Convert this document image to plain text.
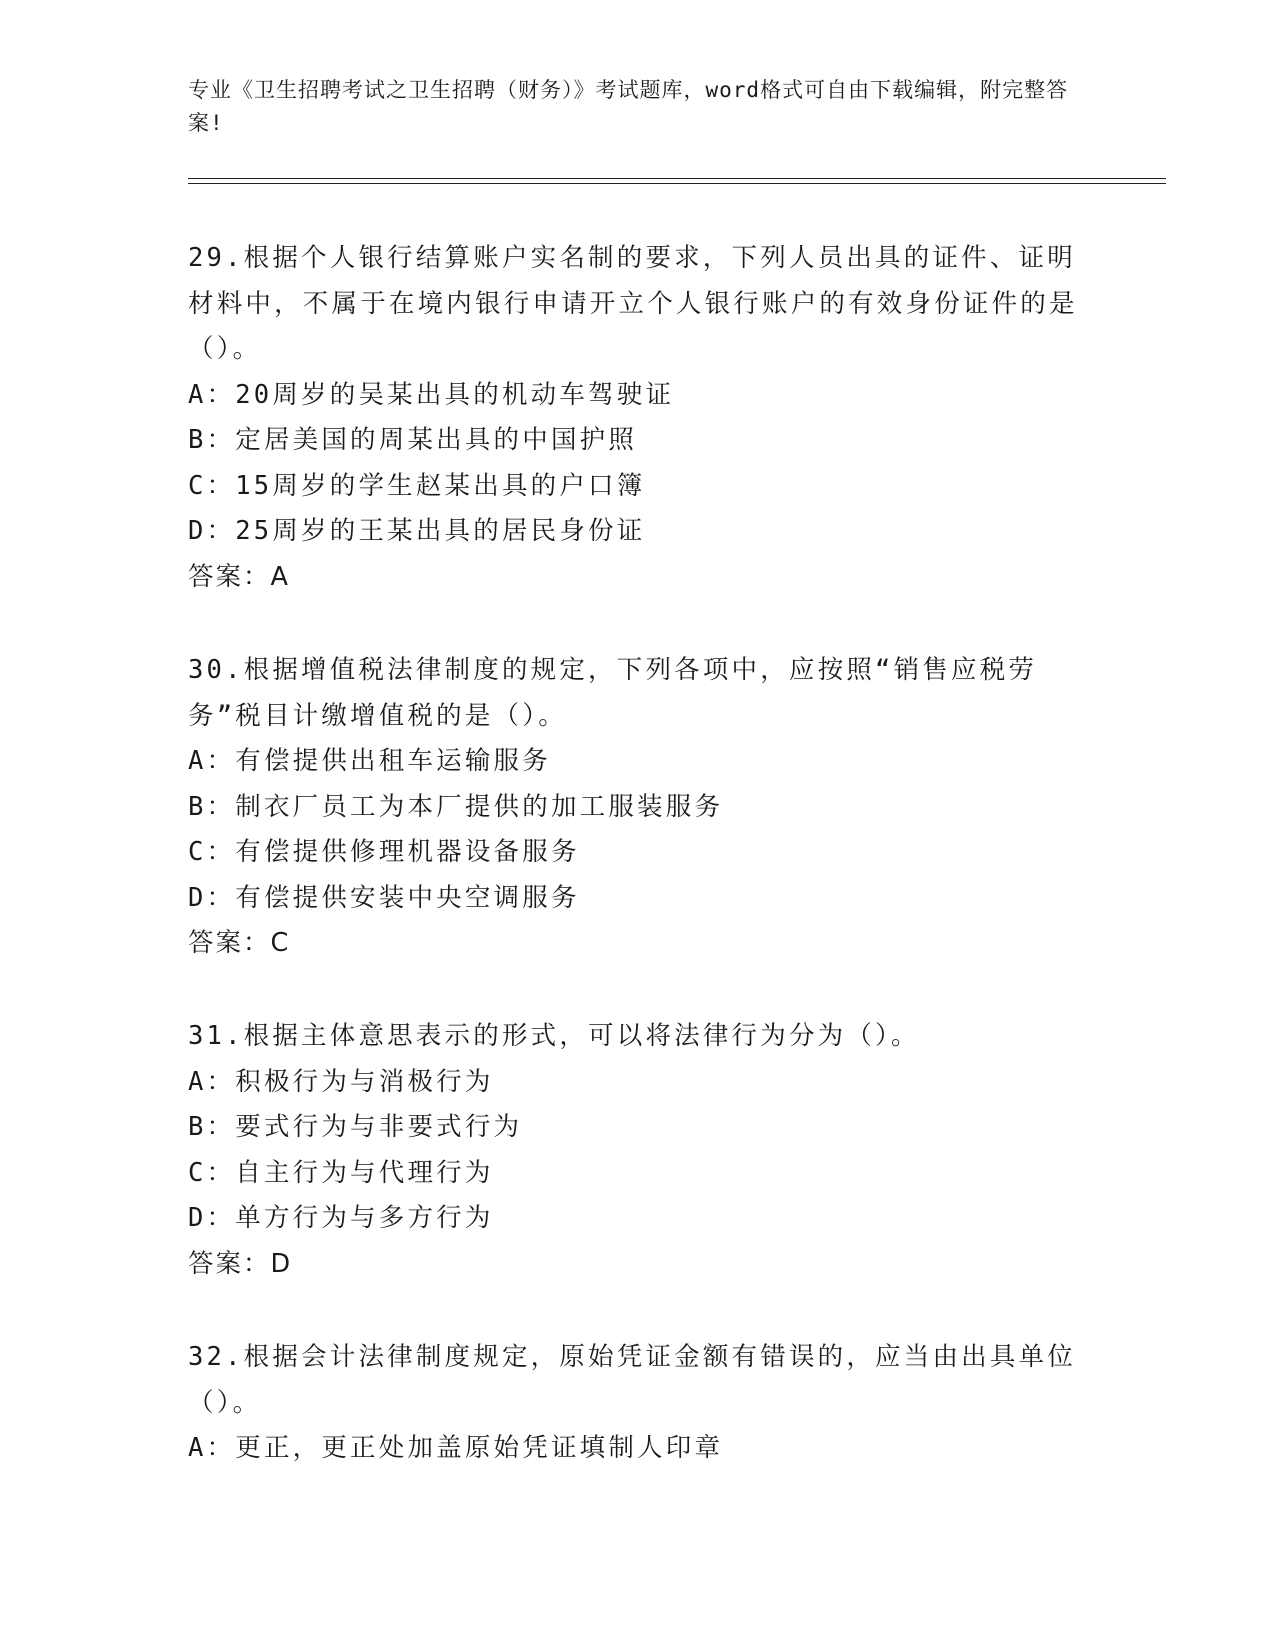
专业《卫生招聘考试之卫生招聘（财务）》考试题库，word格式可自由下载编辑，附完整答案!

29.根据个人银行结算账户实名制的要求，下列人员出具的证件、证明材料中，不属于在境内银行申请开立个人银行账户的有效身份证件的是（）。

A：20周岁的吴某出具的机动车驾驶证

B：定居美国的周某出具的中国护照

C：15周岁的学生赵某出具的户口簿

D：25周岁的王某出具的居民身份证

答案：A

30.根据增值税法律制度的规定，下列各项中，应按照“销售应税劳务”税目计缴增值税的是（）。

A：有偿提供出租车运输服务

B：制衣厂员工为本厂提供的加工服装服务

C：有偿提供修理机器设备服务

D：有偿提供安装中央空调服务

答案：C

31.根据主体意思表示的形式，可以将法律行为分为（）。

A：积极行为与消极行为

B：要式行为与非要式行为

C：自主行为与代理行为

D：单方行为与多方行为

答案：D

32.根据会计法律制度规定，原始凭证金额有错误的，应当由出具单位（）。

A：更正，更正处加盖原始凭证填制人印章
